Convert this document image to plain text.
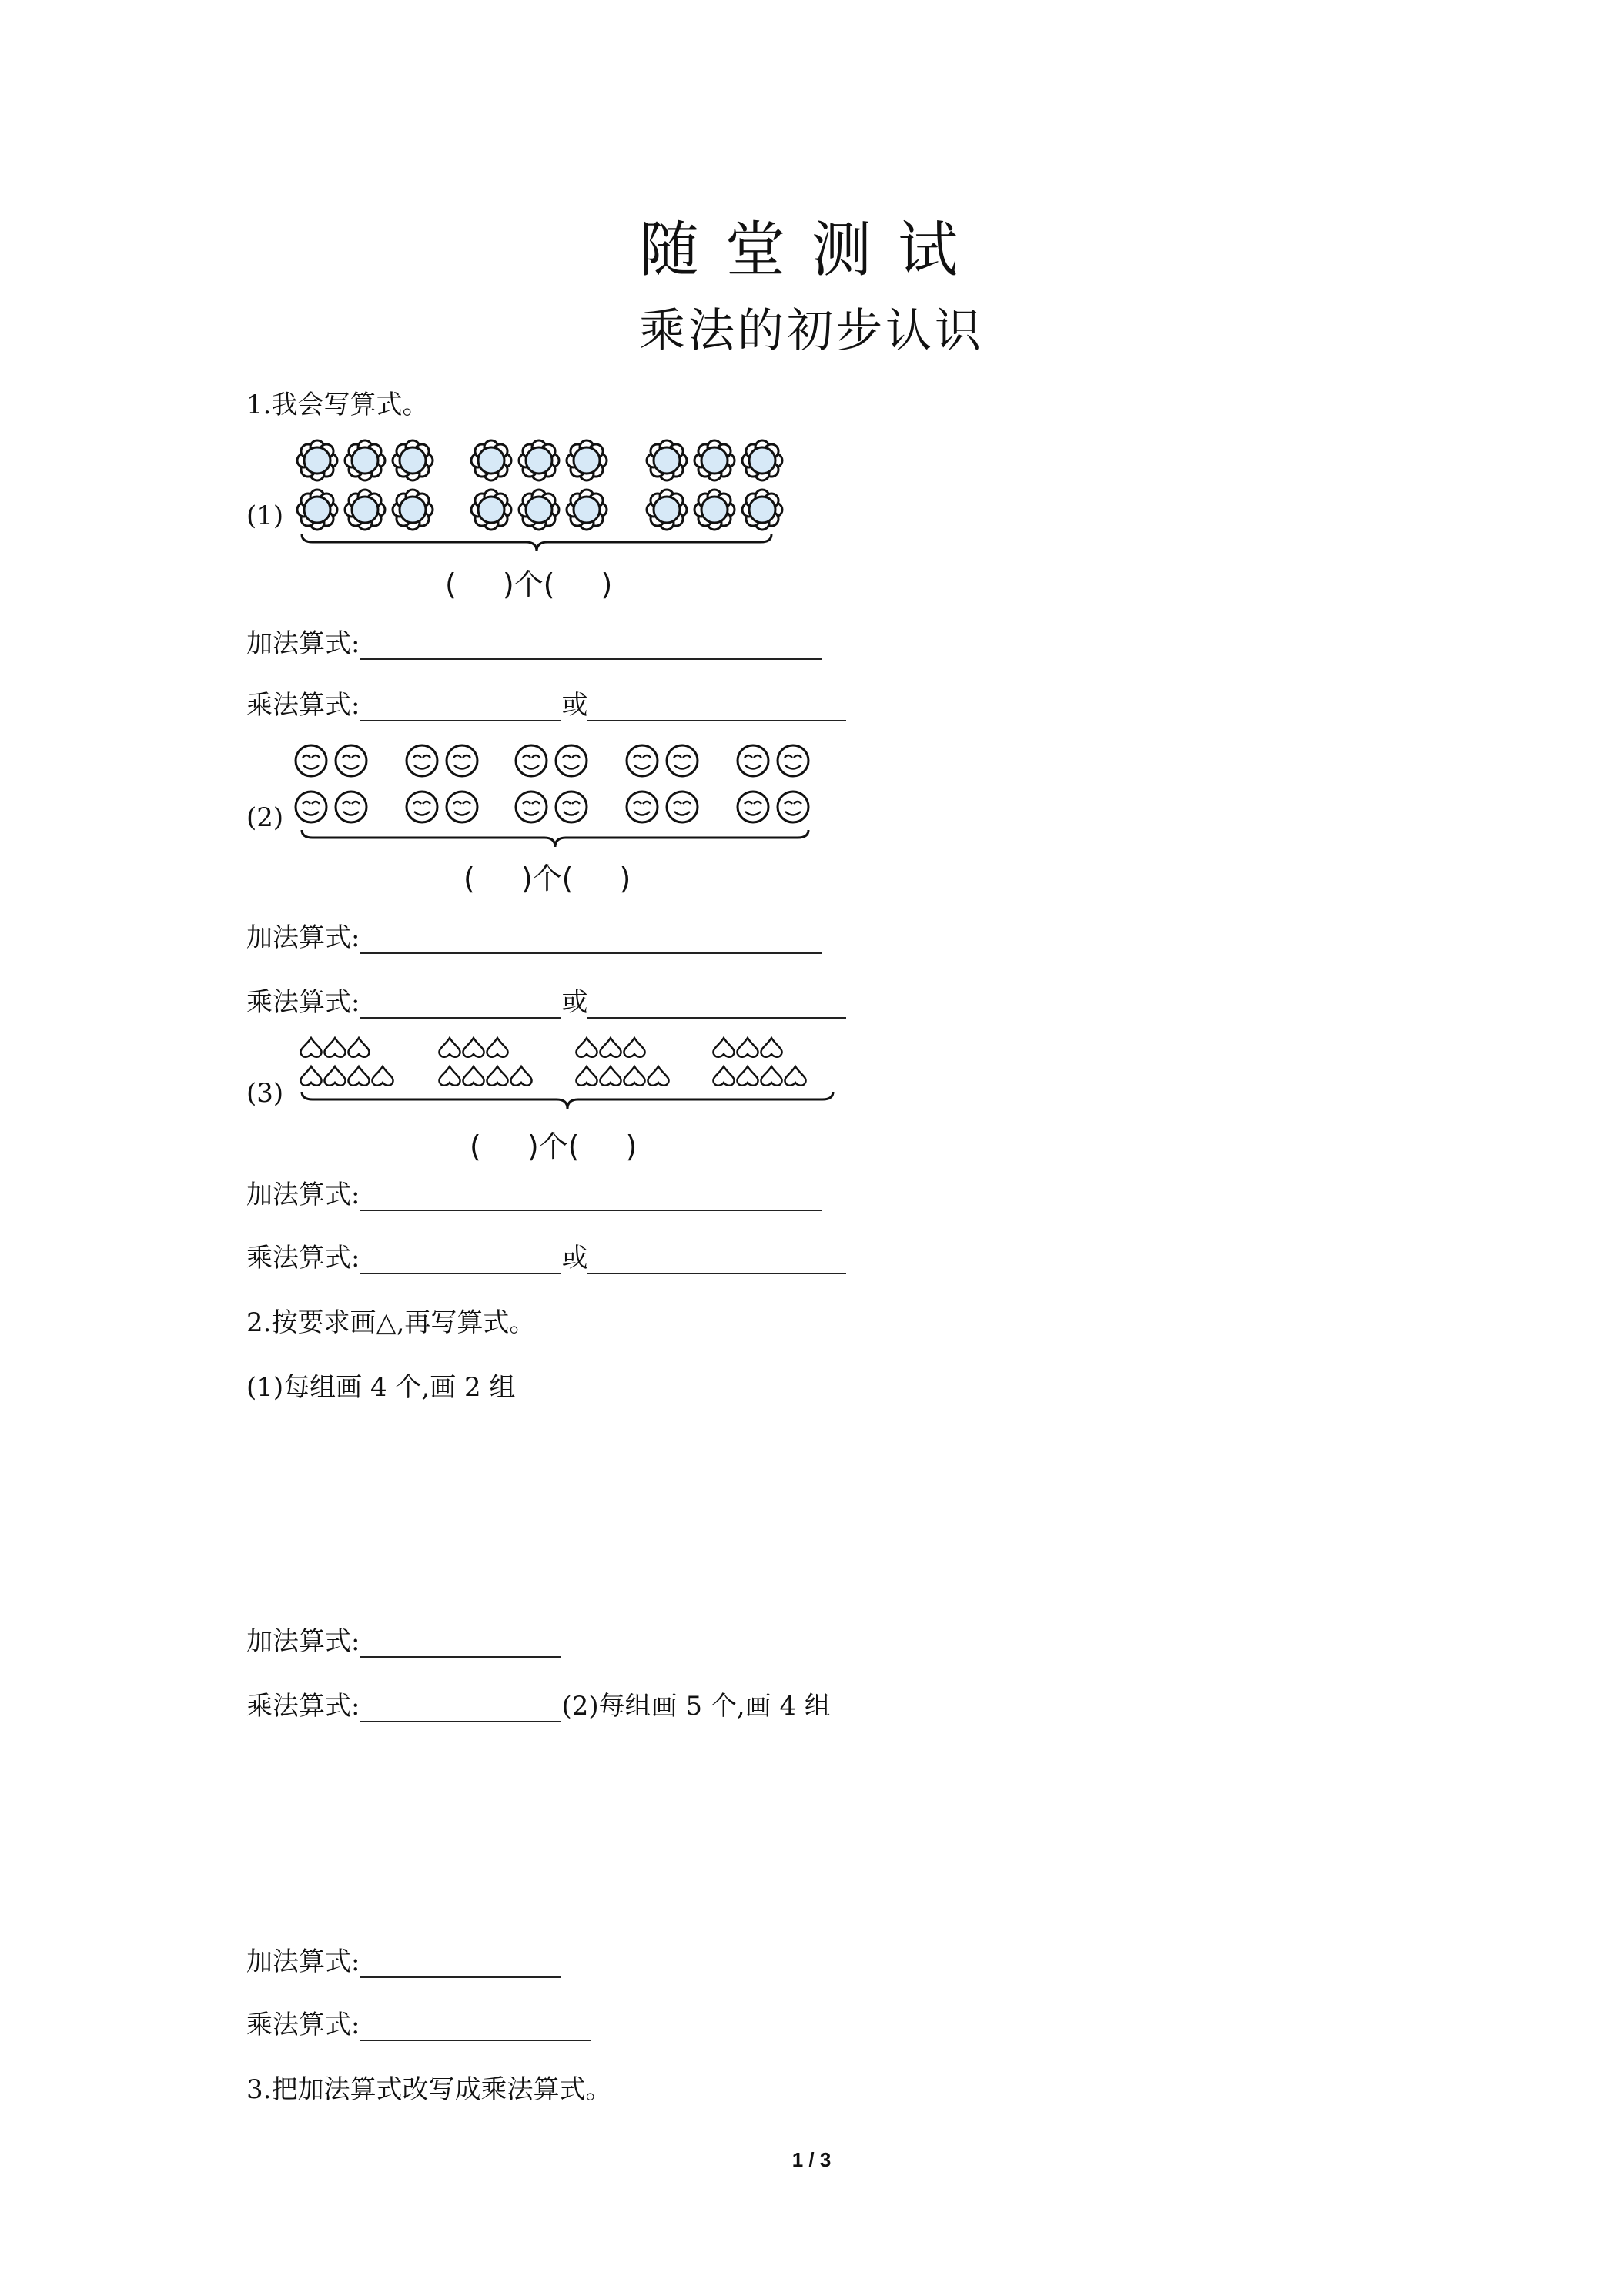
随堂测试
乘法的初步认识
1.我会写算式。
(1)
( )个( )
加法算式:
乘法算式:	或
(2)
( )个( )
加法算式:
乘法算式:	或
(3)
( )个( )
加法算式:
乘法算式:	或
2.按要求画△,再写算式。
(1)每组画 4 个,画 2 组
加法算式:
乘法算式:	(2)每组画 5 个,画 4 组
加法算式:
乘法算式:
3.把加法算式改写成乘法算式。
1 / 3
